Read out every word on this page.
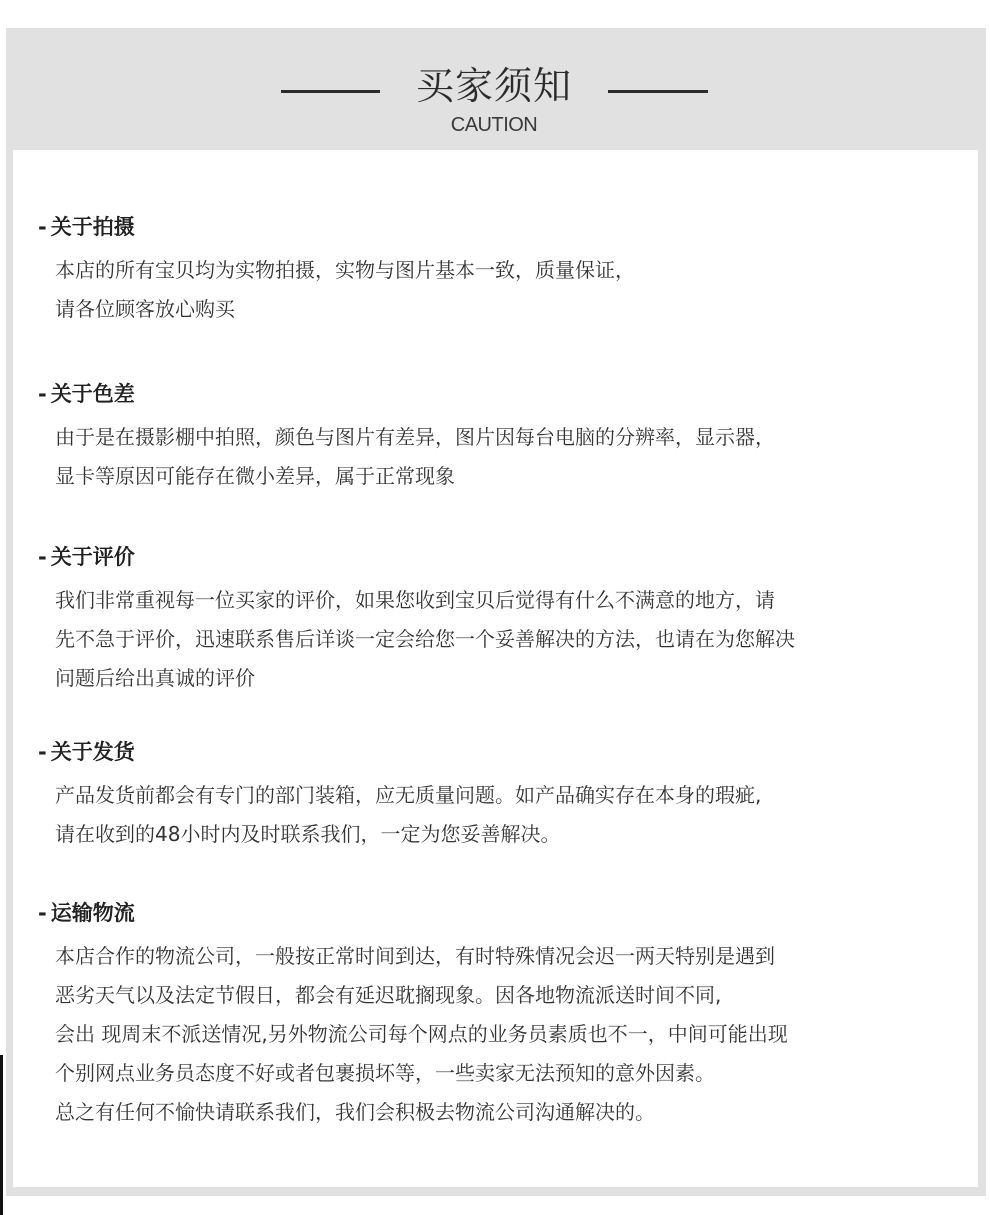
买家须知
CAUTION
- 关于拍摄

本店的所有宝贝均为实物拍摄，实物与图片基本一致，质量保证，
请各位顾客放心购买

- 关于色差

由于是在摄影棚中拍照，颜色与图片有差异，图片因每台电脑的分辨率，显示器，
显卡等原因可能存在微小差异，属于正常现象

- 关于评价

我们非常重视每一位买家的评价，如果您收到宝贝后觉得有什么不满意的地方，请
先不急于评价，迅速联系售后详谈一定会给您一个妥善解决的方法，也请在为您解决
问题后给出真诚的评价

- 关于发货

产品发货前都会有专门的部门装箱，应无质量问题。如产品确实存在本身的瑕疵,
请在收到的48小时内及时联系我们，一定为您妥善解决。

- 运输物流

本店合作的物流公司，一般按正常时间到达，有时特殊情况会迟一两天特别是遇到
恶劣天气以及法定节假日，都会有延迟耽搁现象。因各地物流派送时间不同,
会出 现周末不派送情况,另外物流公司每个网点的业务员素质也不一，中间可能出现
个别网点业务员态度不好或者包裹损坏等，一些卖家无法预知的意外因素。
总之有任何不愉快请联系我们，我们会积极去物流公司沟通解决的。
